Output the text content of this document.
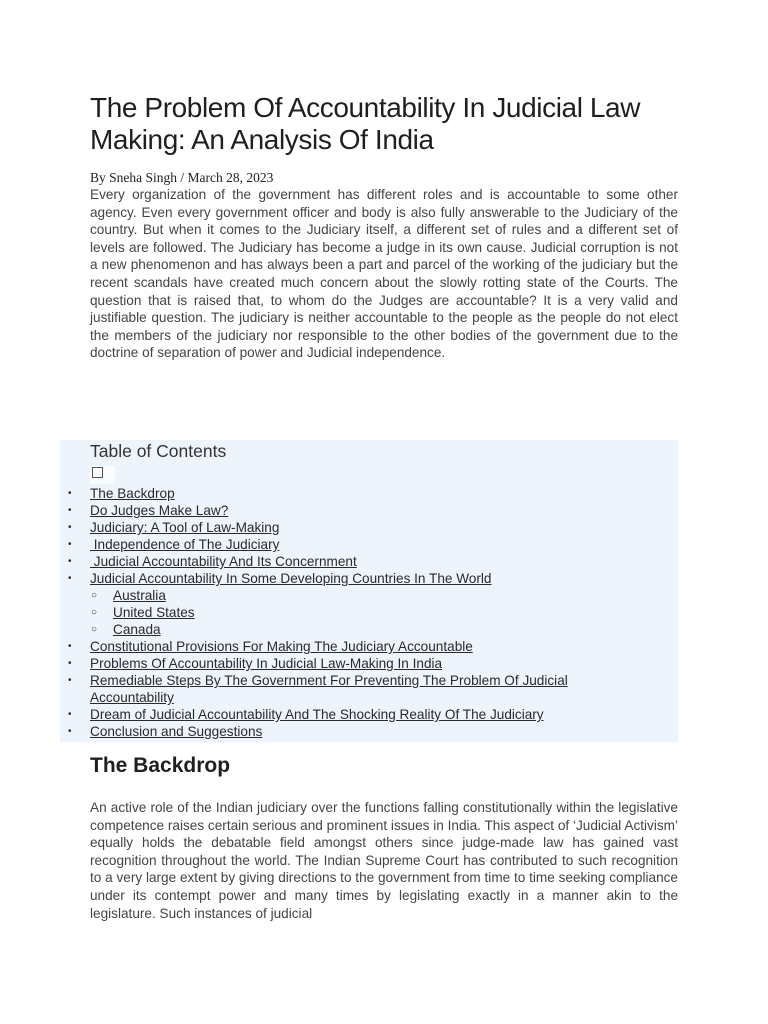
The Problem Of Accountability In Judicial Law Making: An Analysis Of India
By Sneha Singh / March 28, 2023

Every organization of the government has different roles and is accountable to some other agency. Even every government officer and body is also fully answerable to the Judiciary of the country. But when it comes to the Judiciary itself, a different set of rules and a different set of levels are followed. The Judiciary has become a judge in its own cause. Judicial corruption is not a new phenomenon and has always been a part and parcel of the working of the judiciary but the recent scandals have created much concern about the slowly rotting state of the Courts. The question that is raised that, to whom do the Judges are accountable? It is a very valid and justifiable question. The judiciary is neither accountable to the people as the people do not elect the members of the judiciary nor responsible to the other bodies of the government due to the doctrine of separation of power and Judicial independence.

Table of Contents
• The Backdrop
• Do Judges Make Law?
• Judiciary: A Tool of Law-Making
• Independence of The Judiciary
• Judicial Accountability And Its Concernment
• Judicial Accountability In Some Developing Countries In The World
○ Australia
○ United States
○ Canada
• Constitutional Provisions For Making The Judiciary Accountable
• Problems Of Accountability In Judicial Law-Making In India
• Remediable Steps By The Government For Preventing The Problem Of Judicial Accountability
• Dream of Judicial Accountability And The Shocking Reality Of The Judiciary
• Conclusion and Suggestions
The Backdrop

An active role of the Indian judiciary over the functions falling constitutionally within the legislative competence raises certain serious and prominent issues in India. This aspect of ‘Judicial Activism’ equally holds the debatable field amongst others since judge-made law has gained vast recognition throughout the world. The Indian Supreme Court has contributed to such recognition to a very large extent by giving directions to the government from time to time seeking compliance under its contempt power and many times by legislating exactly in a manner akin to the legislature. Such instances of judicial
